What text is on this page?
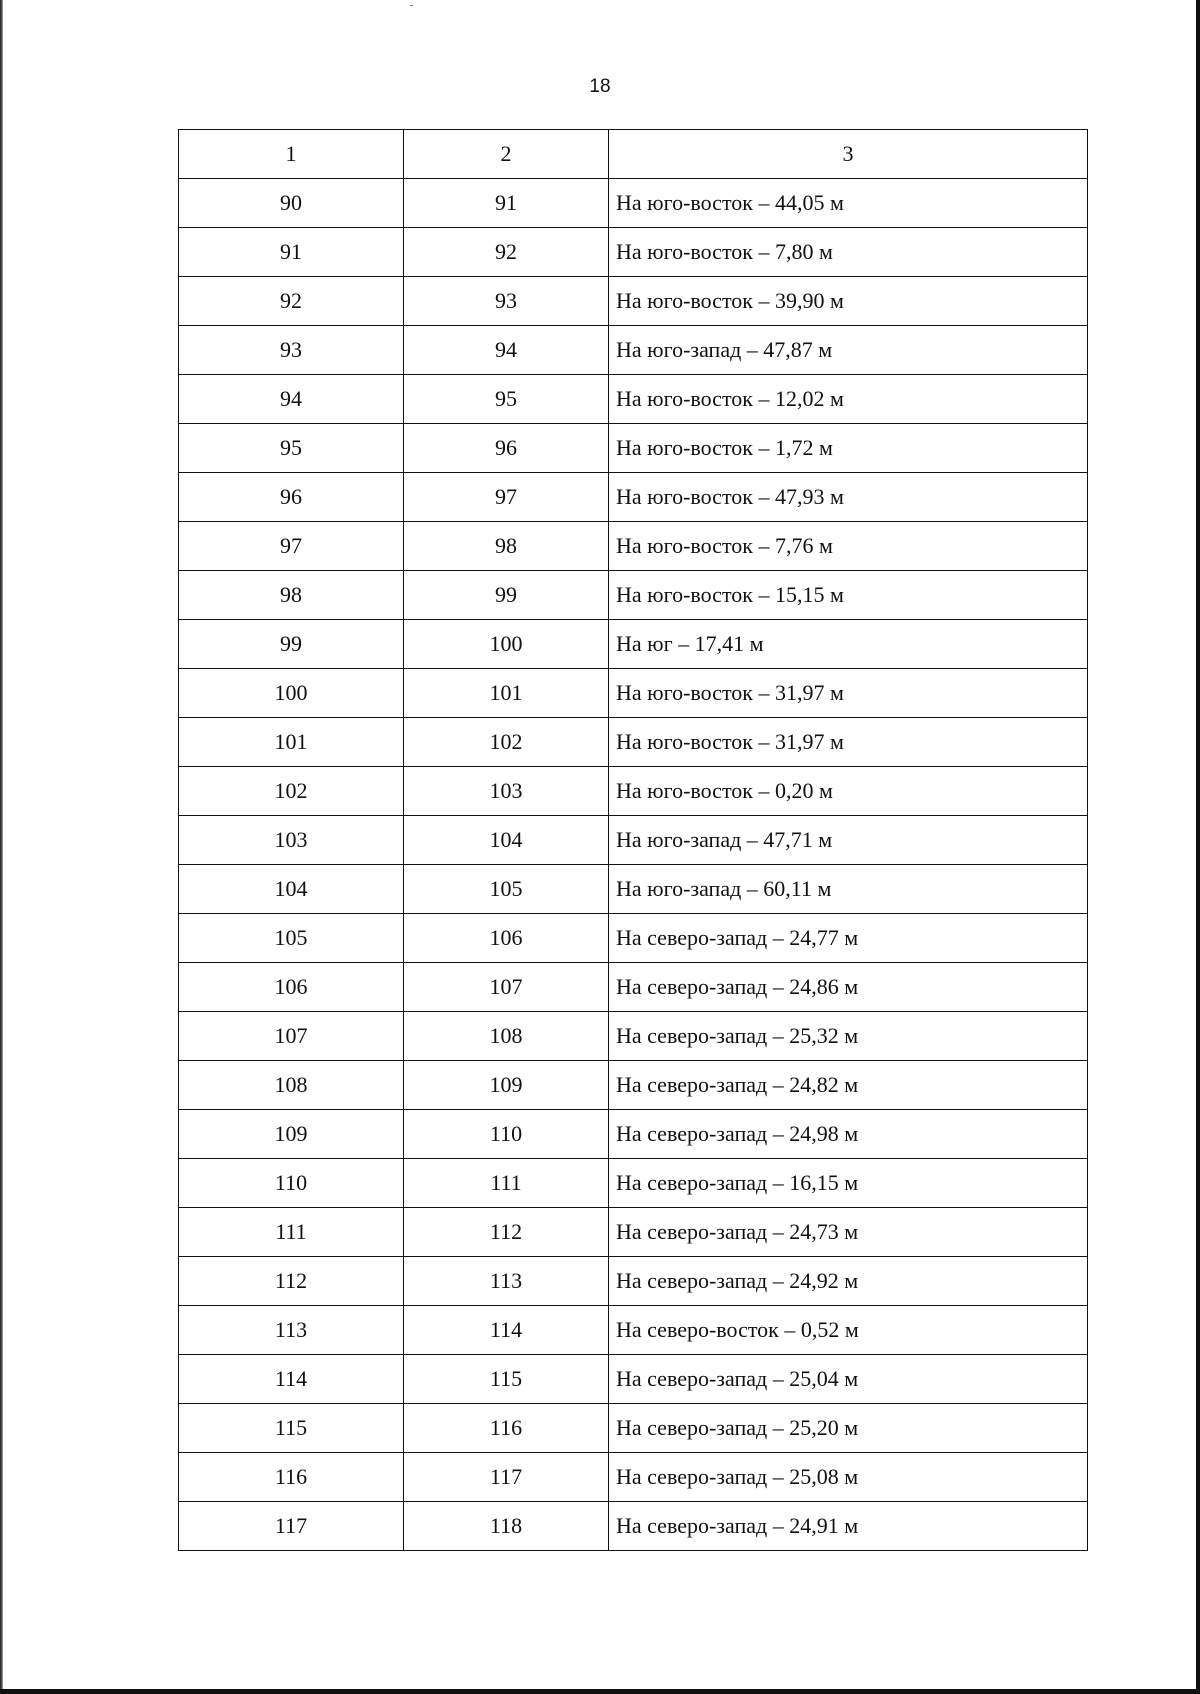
18
1	2	3
90	91	На юго-восток – 44,05 м
91	92	На юго-восток – 7,80 м
92	93	На юго-восток – 39,90 м
93	94	На юго-запад – 47,87 м
94	95	На юго-восток – 12,02 м
95	96	На юго-восток – 1,72 м
96	97	На юго-восток – 47,93 м
97	98	На юго-восток – 7,76 м
98	99	На юго-восток – 15,15 м
99	100	На юг – 17,41 м
100	101	На юго-восток – 31,97 м
101	102	На юго-восток – 31,97 м
102	103	На юго-восток – 0,20 м
103	104	На юго-запад – 47,71 м
104	105	На юго-запад – 60,11 м
105	106	На северо-запад – 24,77 м
106	107	На северо-запад – 24,86 м
107	108	На северо-запад – 25,32 м
108	109	На северо-запад – 24,82 м
109	110	На северо-запад – 24,98 м
110	111	На северо-запад – 16,15 м
111	112	На северо-запад – 24,73 м
112	113	На северо-запад – 24,92 м
113	114	На северо-восток – 0,52 м
114	115	На северо-запад – 25,04 м
115	116	На северо-запад – 25,20 м
116	117	На северо-запад – 25,08 м
117	118	На северо-запад – 24,91 м
